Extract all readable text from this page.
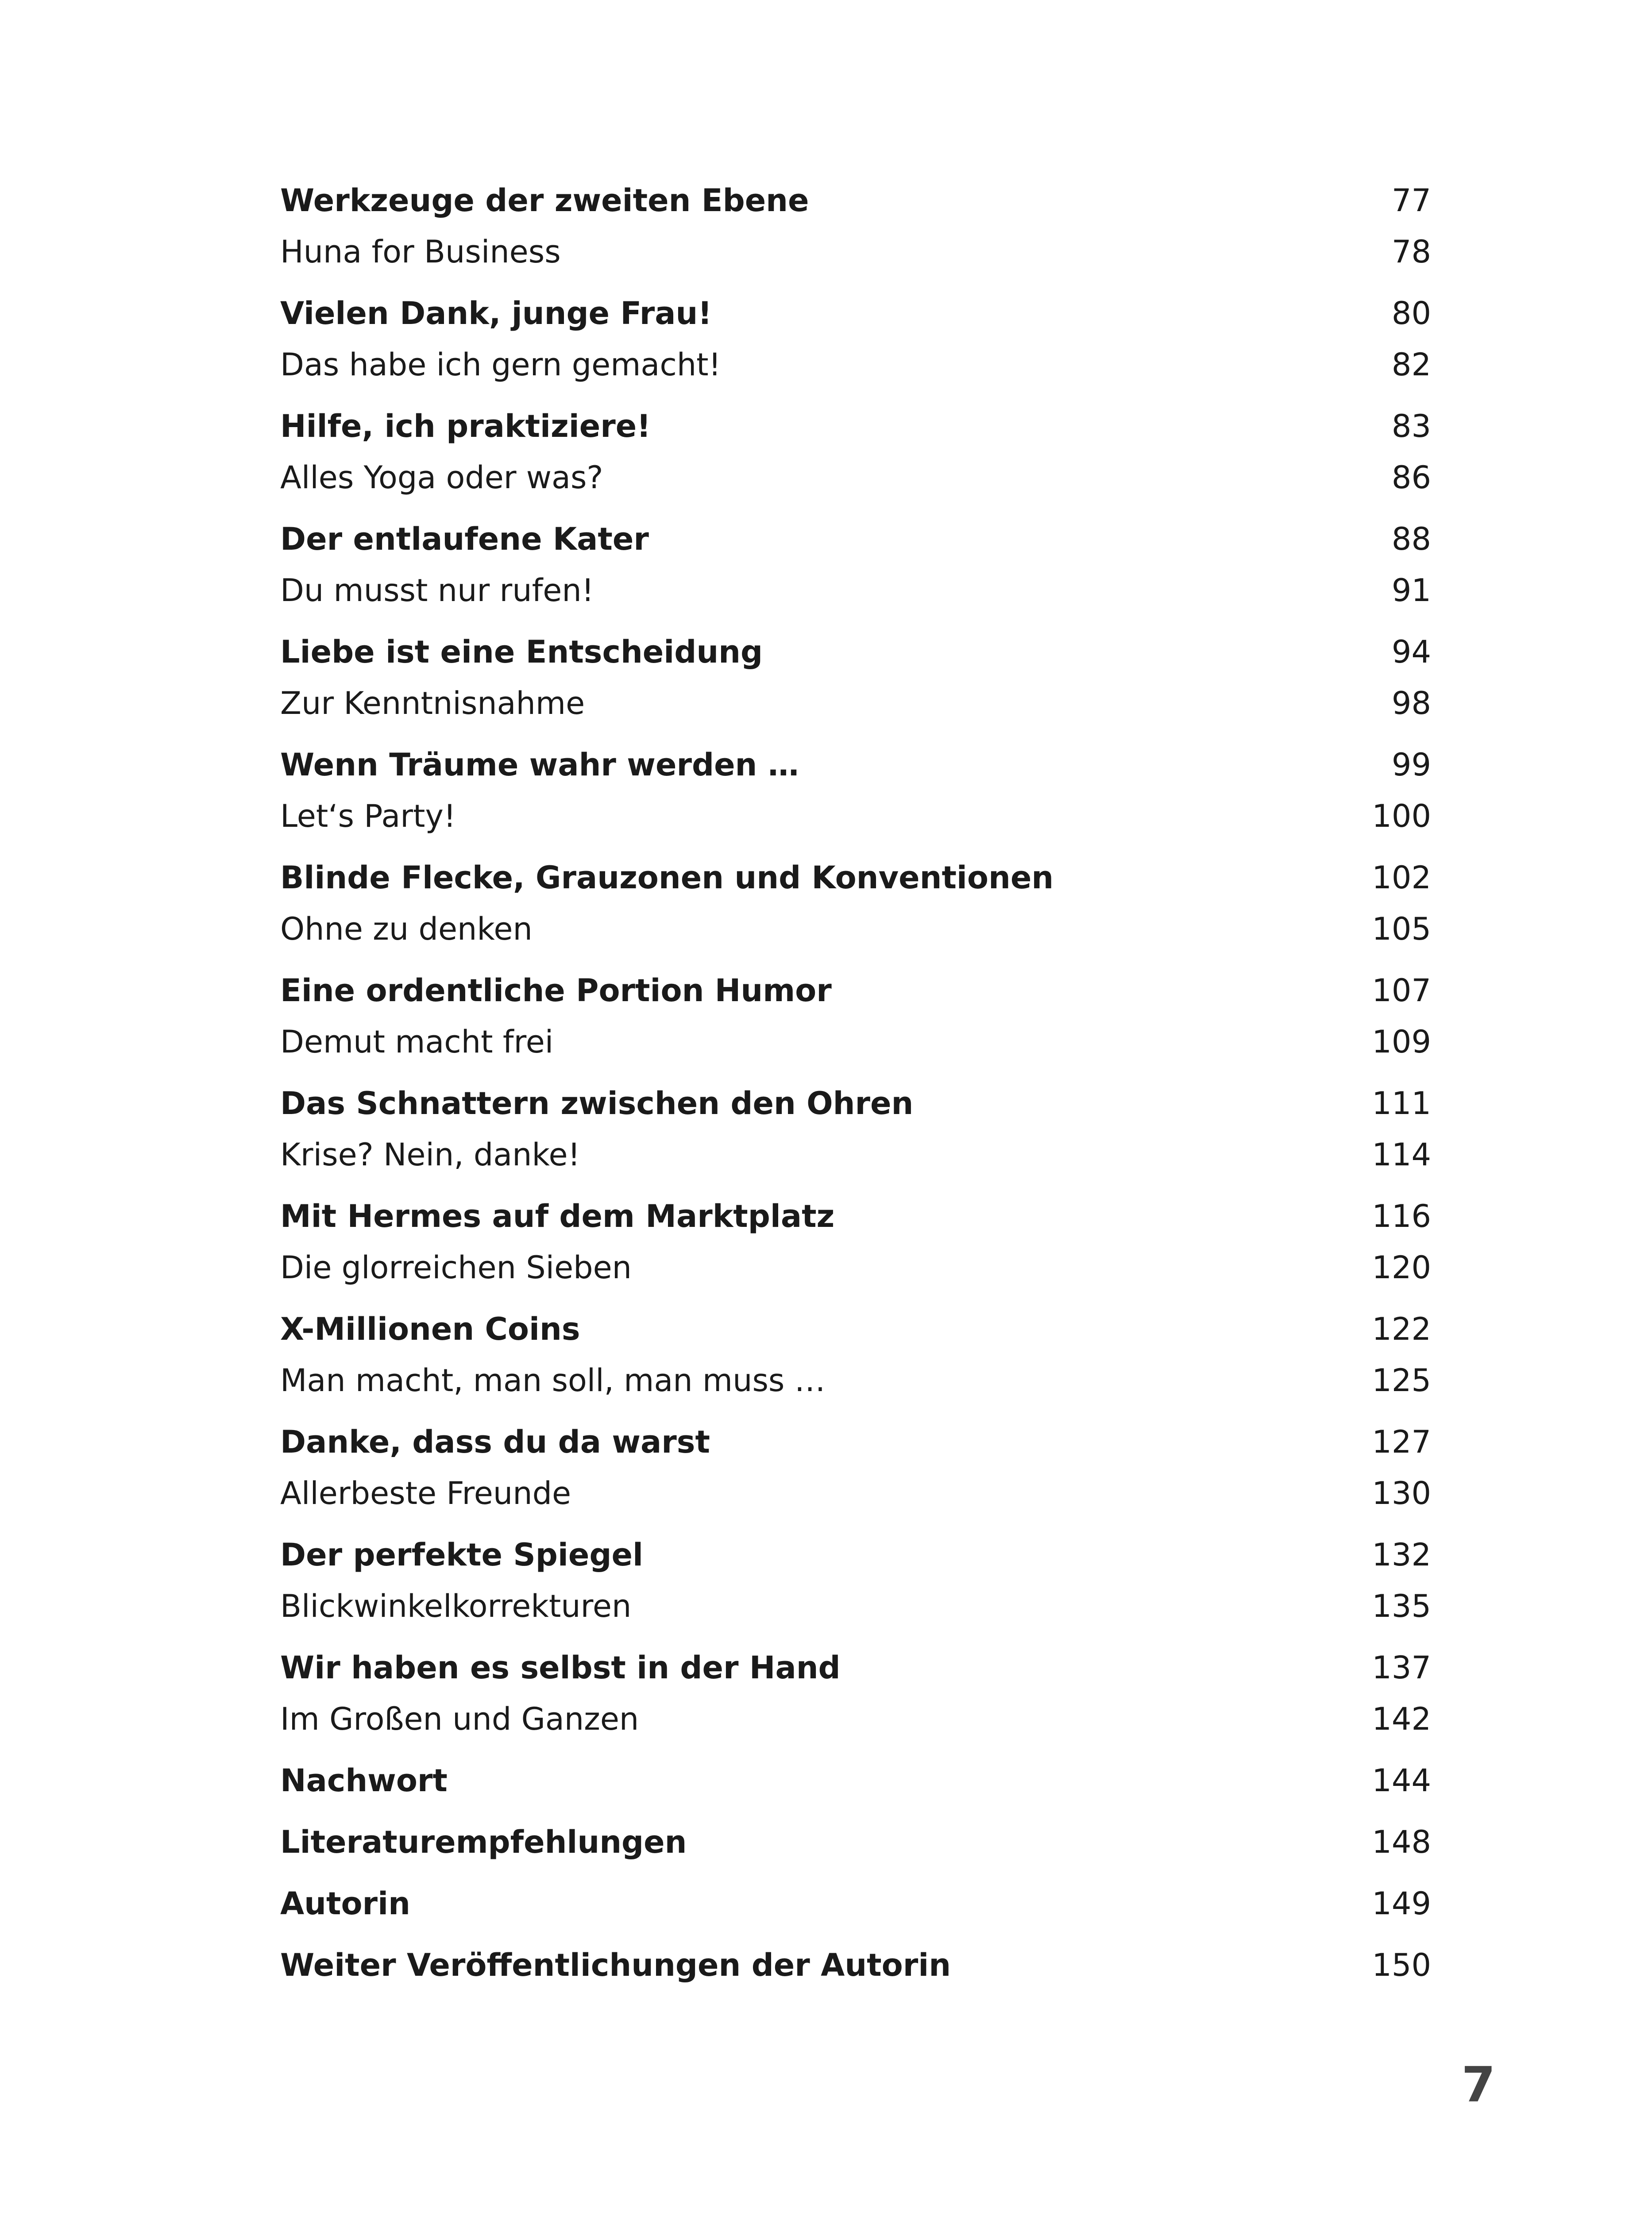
Werkzeuge der zweiten Ebene	77
Huna for Business	78
Vielen Dank, junge Frau!	80
Das habe ich gern gemacht!	82
Hilfe, ich praktiziere!	83
Alles Yoga oder was?	86
Der entlaufene Kater	88
Du musst nur rufen!	91
Liebe ist eine Entscheidung	94
Zur Kenntnisnahme	98
Wenn Träume wahr werden …	99
Let‘s Party!	100
Blinde Flecke, Grauzonen und Konventionen	102
Ohne zu denken	105
Eine ordentliche Portion Humor	107
Demut macht frei	109
Das Schnattern zwischen den Ohren	111
Krise? Nein, danke!	114
Mit Hermes auf dem Marktplatz	116
Die glorreichen Sieben	120
X-Millionen Coins	122
Man macht, man soll, man muss …	125
Danke, dass du da warst	127
Allerbeste Freunde	130
Der perfekte Spiegel	132
Blickwinkelkorrekturen	135
Wir haben es selbst in der Hand	137
Im Großen und Ganzen	142
Nachwort	144
Literaturempfehlungen	148
Autorin	149
Weiter Veröffentlichungen der Autorin	150
7
